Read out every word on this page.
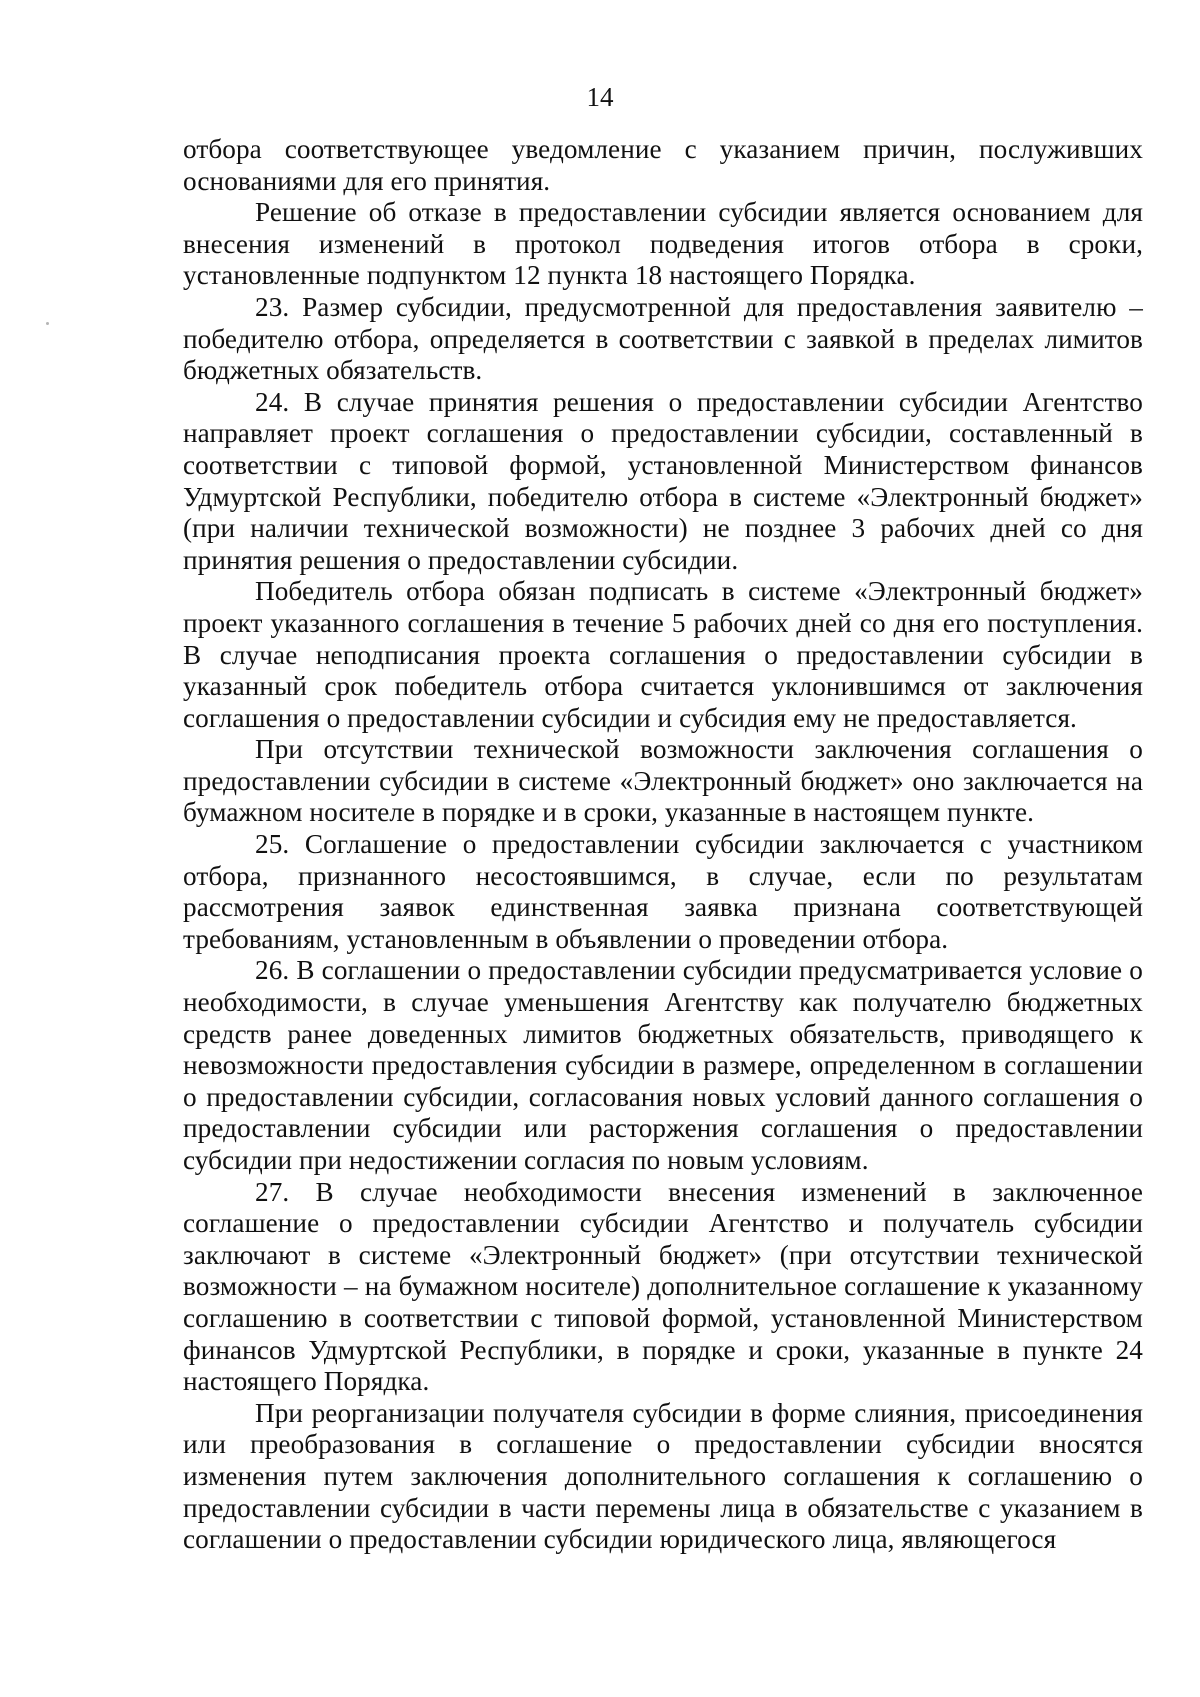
14

отбора соответствующее уведомление с указанием причин, послуживших основаниями для его принятия.

Решение об отказе в предоставлении субсидии является основанием для внесения изменений в протокол подведения итогов отбора в сроки, установленные подпунктом 12 пункта 18 настоящего Порядка.

23. Размер субсидии, предусмотренной для предоставления заявителю – победителю отбора, определяется в соответствии с заявкой в пределах лимитов бюджетных обязательств.

24. В случае принятия решения о предоставлении субсидии Агентство направляет проект соглашения о предоставлении субсидии, составленный в соответствии с типовой формой, установленной Министерством финансов Удмуртской Республики, победителю отбора в системе «Электронный бюджет» (при наличии технической возможности) не позднее 3 рабочих дней со дня принятия решения о предоставлении субсидии.

Победитель отбора обязан подписать в системе «Электронный бюджет» проект указанного соглашения в течение 5 рабочих дней со дня его поступления. В случае неподписания проекта соглашения о предоставлении субсидии в указанный срок победитель отбора считается уклонившимся от заключения соглашения о предоставлении субсидии и субсидия ему не предоставляется.

При отсутствии технической возможности заключения соглашения о предоставлении субсидии в системе «Электронный бюджет» оно заключается на бумажном носителе в порядке и в сроки, указанные в настоящем пункте.

25. Соглашение о предоставлении субсидии заключается с участником отбора, признанного несостоявшимся, в случае, если по результатам рассмотрения заявок единственная заявка признана соответствующей требованиям, установленным в объявлении о проведении отбора.

26. В соглашении о предоставлении субсидии предусматривается условие о необходимости, в случае уменьшения Агентству как получателю бюджетных средств ранее доведенных лимитов бюджетных обязательств, приводящего к невозможности предоставления субсидии в размере, определенном в соглашении о предоставлении субсидии, согласования новых условий данного соглашения о предоставлении субсидии или расторжения соглашения о предоставлении субсидии при недостижении согласия по новым условиям.

27. В случае необходимости внесения изменений в заключенное соглашение о предоставлении субсидии Агентство и получатель субсидии заключают в системе «Электронный бюджет» (при отсутствии технической возможности – на бумажном носителе) дополнительное соглашение к указанному соглашению в соответствии с типовой формой, установленной Министерством финансов Удмуртской Республики, в порядке и сроки, указанные в пункте 24 настоящего Порядка.

При реорганизации получателя субсидии в форме слияния, присоединения или преобразования в соглашение о предоставлении субсидии вносятся изменения путем заключения дополнительного соглашения к соглашению о предоставлении субсидии в части перемены лица в обязательстве с указанием в соглашении о предоставлении субсидии юридического лица, являющегося
